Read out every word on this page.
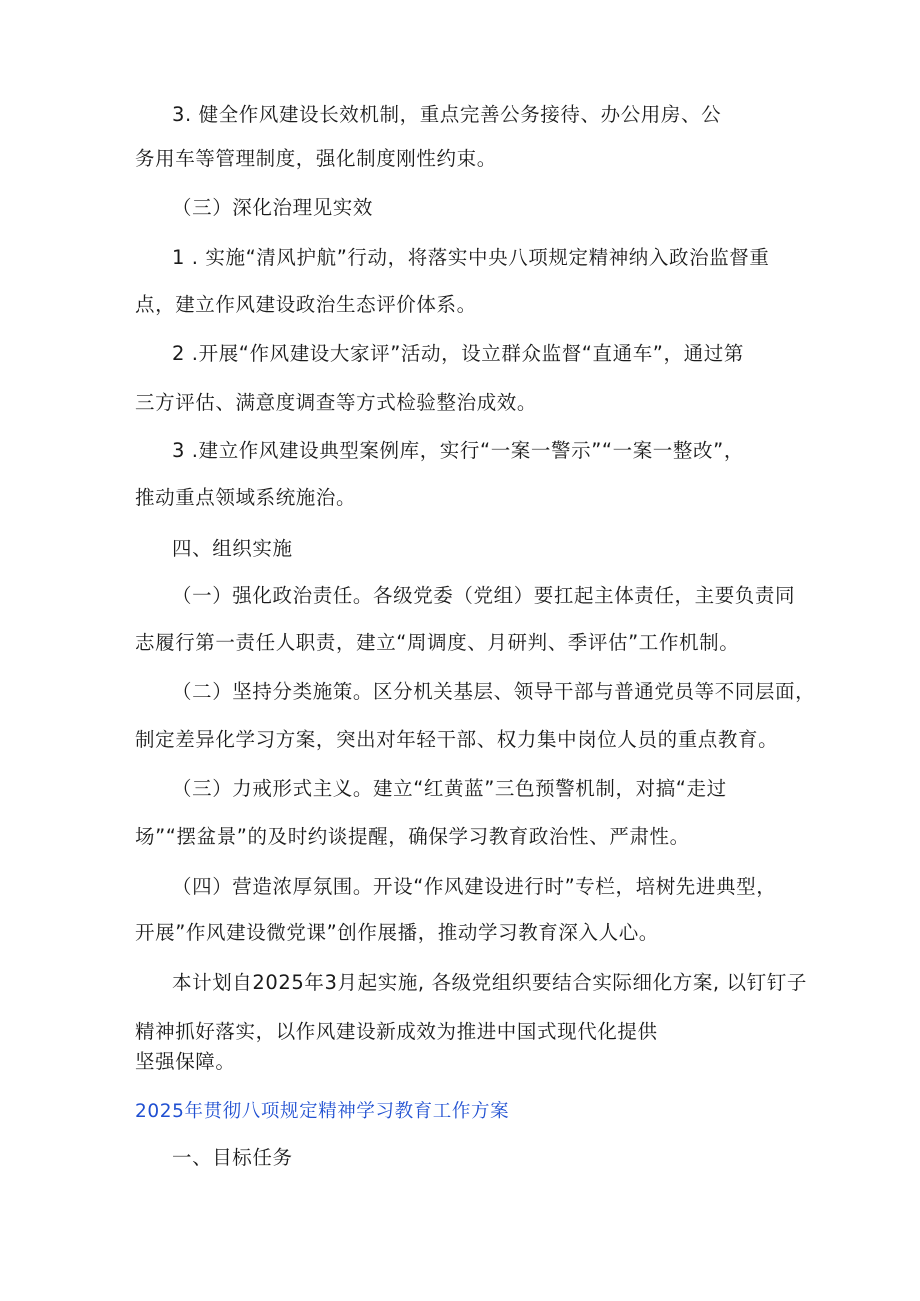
3. 健全作风建设长效机制，重点完善公务接待、办公用房、公
务用车等管理制度，强化制度刚性约束。
（三）深化治理见实效
1 . 实施“清风护航”行动，将落实中央八项规定精神纳入政治监督重
点，建立作风建设政治生态评价体系。
2 .开展“作风建设大家评”活动，设立群众监督“直通车”，通过第
三方评估、满意度调查等方式检验整治成效。
3 .建立作风建设典型案例库，实行“一案一警示”“一案一整改”，
推动重点领域系统施治。
四、组织实施
（一）强化政治责任。各级党委（党组）要扛起主体责任，主要负责同
志履行第一责任人职责，建立“周调度、月研判、季评估”工作机制。
（二）坚持分类施策。区分机关基层、领导干部与普通党员等不同层面，
制定差异化学习方案，突出对年轻干部、权力集中岗位人员的重点教育。
（三）力戒形式主义。建立“红黄蓝”三色预警机制，对搞“走过
场”“摆盆景”的及时约谈提醒，确保学习教育政治性、严肃性。
（四）营造浓厚氛围。开设“作风建设进行时”专栏，培树先进典型，
开展”作风建设微党课”创作展播，推动学习教育深入人心。
本计划自2025年3月起实施, 各级党组织要结合实际细化方案, 以钉钉子
精神抓好落实，以作风建设新成效为推进中国式现代化提供
坚强保障。
2025年贯彻八项规定精神学习教育工作方案
一、目标任务
